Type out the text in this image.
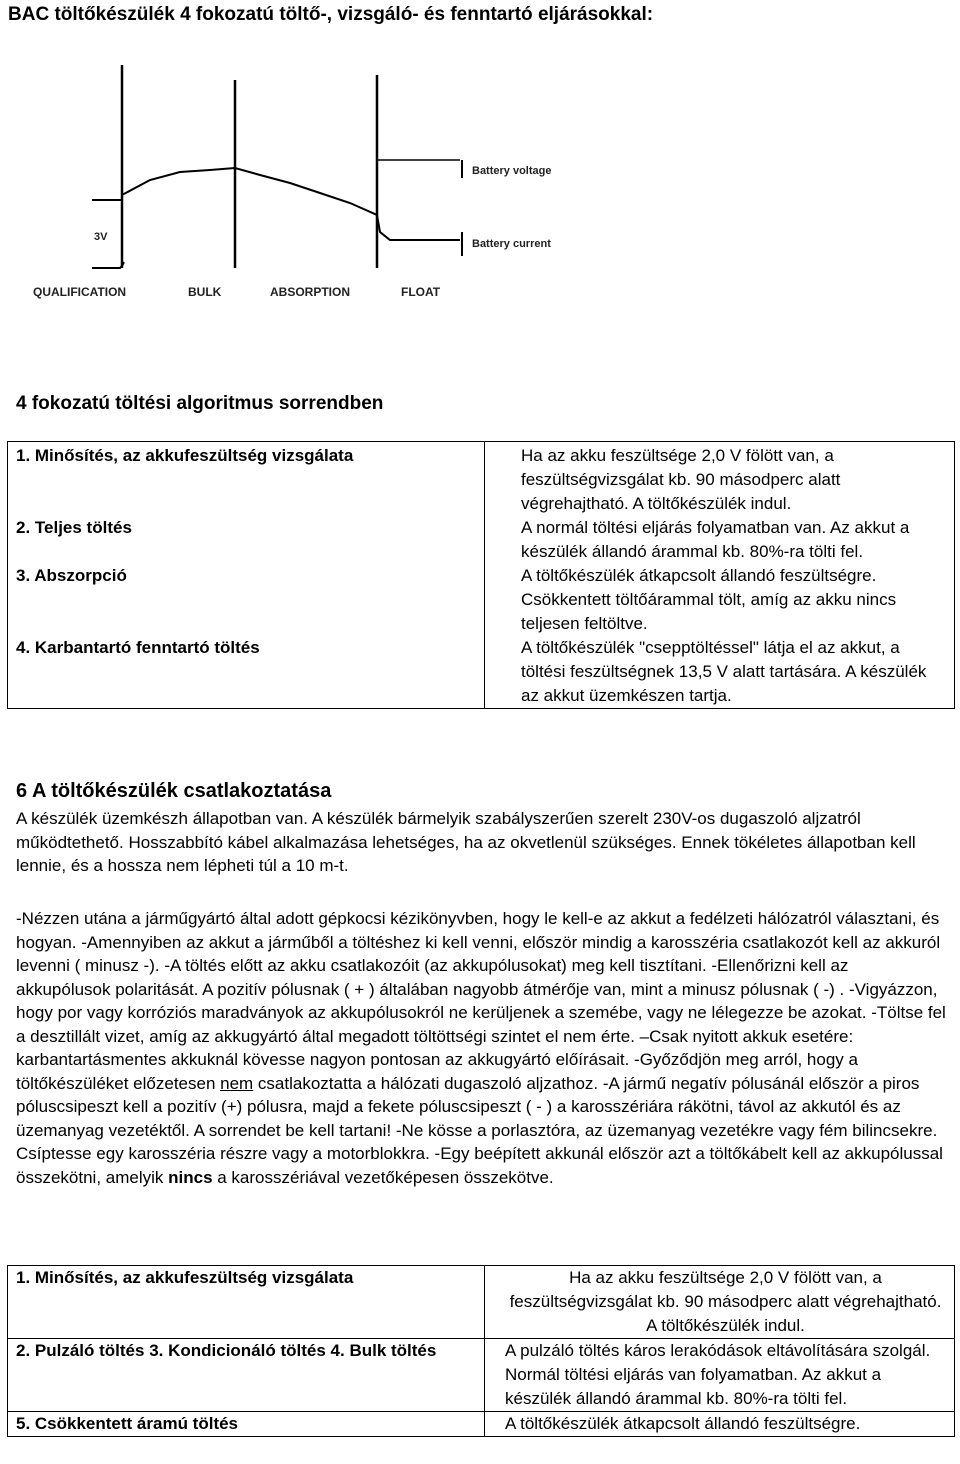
BAC töltőkészülék 4 fokozatú töltő-, vizsgáló- és fenntartó eljárásokkal:
Battery voltage
Battery current
3V
QUALIFICATION	BULK	ABSORPTION	FLOAT
4 fokozatú töltési algoritmus sorrendben
1. Minősítés, az akkufeszültség vizsgálata	Ha az akku feszültsége 2,0 V fölött van, a feszültségvizsgálat kb. 90 másodperc alatt végrehajtható. A töltőkészülék indul.
2. Teljes töltés	A normál töltési eljárás folyamatban van. Az akkut a készülék állandó árammal kb. 80%-ra tölti fel.
3. Abszorpció	A töltőkészülék átkapcsolt állandó feszültségre. Csökkentett töltőárammal tölt, amíg az akku nincs teljesen feltöltve.
4. Karbantartó fenntartó töltés	A töltőkészülék "csepptöltéssel" látja el az akkut, a töltési feszültségnek 13,5 V alatt tartására. A készülék az akkut üzemkészen tartja.
6 A töltőkészülék csatlakoztatása
A készülék üzemkészh állapotban van. A készülék bármelyik szabályszerűen szerelt 230V-os dugaszoló aljzatról működtethető. Hosszabbító kábel alkalmazása lehetséges, ha az okvetlenül szükséges. Ennek tökéletes állapotban kell lennie, és a hossza nem lépheti túl a 10 m-t.
-Nézzen utána a járműgyártó által adott gépkocsi kézikönyvben, hogy le kell-e az akkut a fedélzeti hálózatról választani, és hogyan. -Amennyiben az akkut a járműből a töltéshez ki kell venni, először mindig a karosszéria csatlakozót kell az akkuról levenni ( minusz -). -A töltés előtt az akku csatlakozóit (az akkupólusokat) meg kell tisztítani. -Ellenőrizni kell az akkupólusok polaritását. A pozitív pólusnak ( + ) általában nagyobb átmérője van, mint a minusz pólusnak ( -) . -Vigyázzon, hogy por vagy korróziós maradványok az akkupólusokról ne kerüljenek a szemébe, vagy ne lélegezze be azokat. -Töltse fel a desztillált vizet, amíg az akkugyártó által megadott töltöttségi szintet el nem érte. –Csak nyitott akkuk esetére: karbantartásmentes akkuknál kövesse nagyon pontosan az akkugyártó előírásait. -Győződjön meg arról, hogy a töltőkészüléket előzetesen nem csatlakoztatta a hálózati dugaszoló aljzathoz. -A jármű negatív pólusánál először a piros póluscsipeszt kell a pozitív (+) pólusra, majd a fekete póluscsipeszt ( - ) a karosszériára rákötni, távol az akkutól és az üzemanyag vezetéktől. A sorrendet be kell tartani! -Ne kösse a porlasztóra, az üzemanyag vezetékre vagy fém bilincsekre. Csíptesse egy karosszéria részre vagy a motorblokkra. -Egy beépített akkunál először azt a töltőkábelt kell az akkupólussal összekötni, amelyik nincs a karosszériával vezetőképesen összekötve.
1. Minősítés, az akkufeszültség vizsgálata	Ha az akku feszültsége 2,0 V fölött van, a feszültségvizsgálat kb. 90 másodperc alatt végrehajtható. A töltőkészülék indul.
2. Pulzáló töltés 3. Kondicionáló töltés 4. Bulk töltés	A pulzáló töltés káros lerakódások eltávolítására szolgál. Normál töltési eljárás van folyamatban. Az akkut a készülék állandó árammal kb. 80%-ra tölti fel.
5. Csökkentett áramú töltés	A töltőkészülék átkapcsolt állandó feszültségre.
